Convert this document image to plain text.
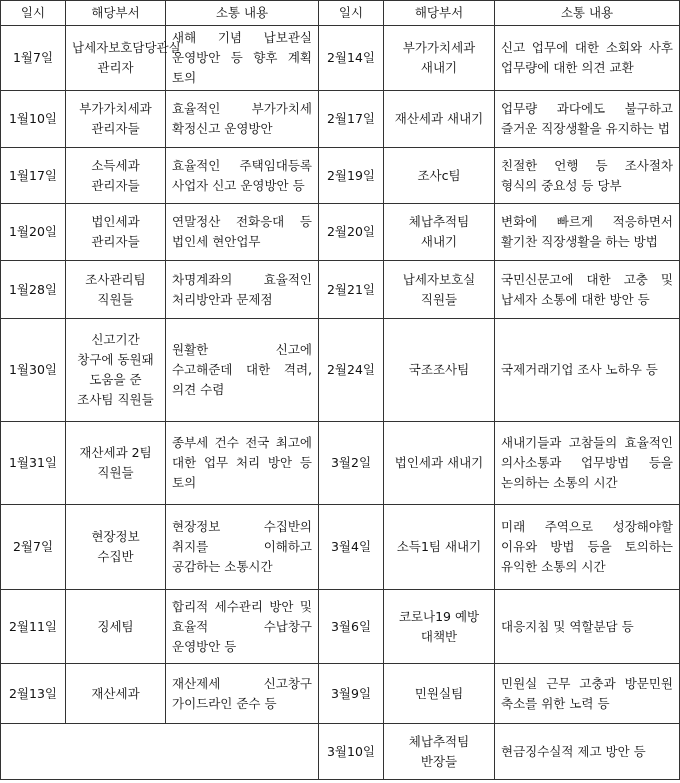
일시	해당부서	소통 내용	일시	해당부서	소통 내용
1월7일	납세자보호담당관실 관리자	새해 기념 납보관실 운영방안 등 향후 계획 토의	2월14일	부가가치세과 새내기	신고 업무에 대한 소회와 사후 업무량에 대한 의견 교환
1월10일	부가가치세과 관리자들	효율적인 부가가치세 확정신고 운영방안	2월17일	재산세과 새내기	업무량 과다에도 불구하고 즐거운 직장생활을 유지하는 법
1월17일	소득세과 관리자들	효율적인 주택임대등록 사업자 신고 운영방안 등	2월19일	조사c팀	친절한 언행 등 조사절차 형식의 중요성 등 당부
1월20일	법인세과 관리자들	연말정산 전화응대 등 법인세 현안업무	2월20일	체납추적팀 새내기	변화에 빠르게 적응하면서 활기찬 직장생활을 하는 방법
1월28일	조사관리팀 직원들	차명계좌의 효율적인 처리방안과 문제점	2월21일	납세자보호실 직원들	국민신문고에 대한 고충 및 납세자 소통에 대한 방안 등
1월30일	신고기간 창구에 동원돼 도움을 준 조사팀 직원들	원활한 신고에 수고해준데 대한 격려, 의견 수렴	2월24일	국조조사팀	국제거래기업 조사 노하우 등
1월31일	재산세과 2팀 직원들	종부세 건수 전국 최고에 대한 업무 처리 방안 등 토의	3월2일	법인세과 새내기	새내기들과 고참들의 효율적인 의사소통과 업무방법 등을 논의하는 소통의 시간
2월7일	현장정보 수집반	현장정보 수집반의 취지를 이해하고 공감하는 소통시간	3월4일	소득1팀 새내기	미래 주역으로 성장해야할 이유와 방법 등을 토의하는 유익한 소통의 시간
2월11일	징세팀	합리적 세수관리 방안 및 효율적 수납창구 운영방안 등	3월6일	코로나19 예방 대책반	대응지침 및 역할분담 등
2월13일	재산세과	재산제세 신고창구 가이드라인 준수 등	3월9일	민원실팀	민원실 근무 고충과 방문민원 축소를 위한 노력 등
			3월10일	체납추적팀 반장들	현금징수실적 제고 방안 등
